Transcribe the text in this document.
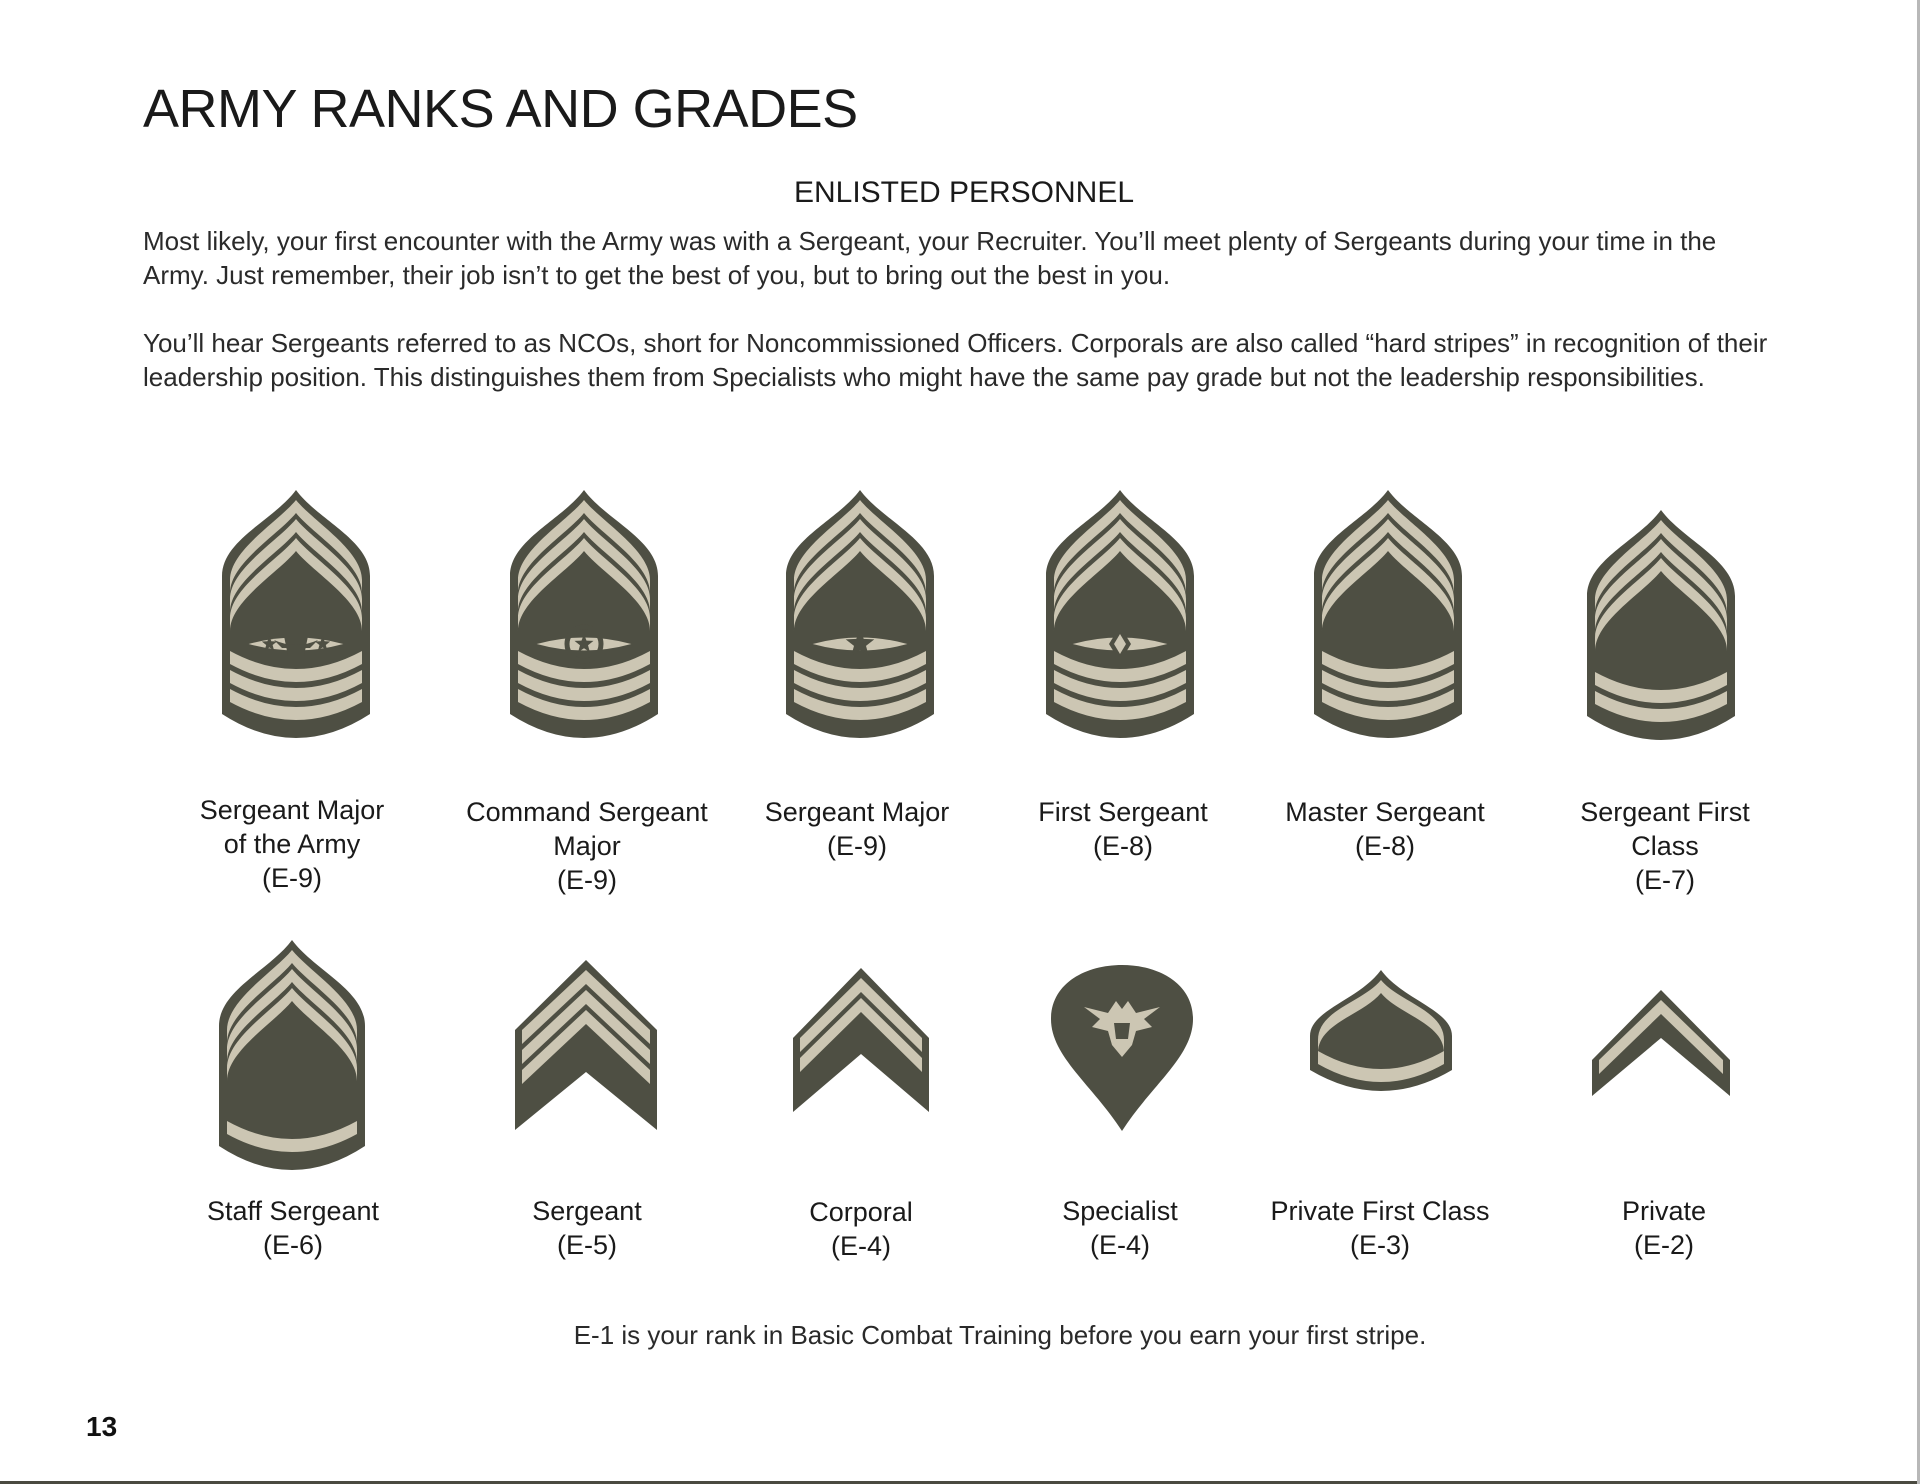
ARMY RANKS AND GRADES
ENLISTED PERSONNEL

Most likely, your first encounter with the Army was with a Sergeant, your Recruiter. You’ll meet plenty of Sergeants during your time in the Army. Just remember, their job isn’t to get the best of you, but to bring out the best in you.

You’ll hear Sergeants referred to as NCOs, short for Noncommissioned Officers. Corporals are also called “hard stripes” in recognition of their leadership position. This distinguishes them from Specialists who might have the same pay grade but not the leadership responsibilities.

Sergeant Major
of the Army
(E-9)
Command Sergeant
Major
(E-9)
Sergeant Major
(E-9)
First Sergeant
(E-8)
Master Sergeant
(E-8)
Sergeant First
Class
(E-7)
Staff Sergeant
(E-6)
Sergeant
(E-5)
Corporal
(E-4)
Specialist
(E-4)
Private First Class
(E-3)
Private
(E-2)

E-1 is your rank in Basic Combat Training before you earn your first stripe.

13
